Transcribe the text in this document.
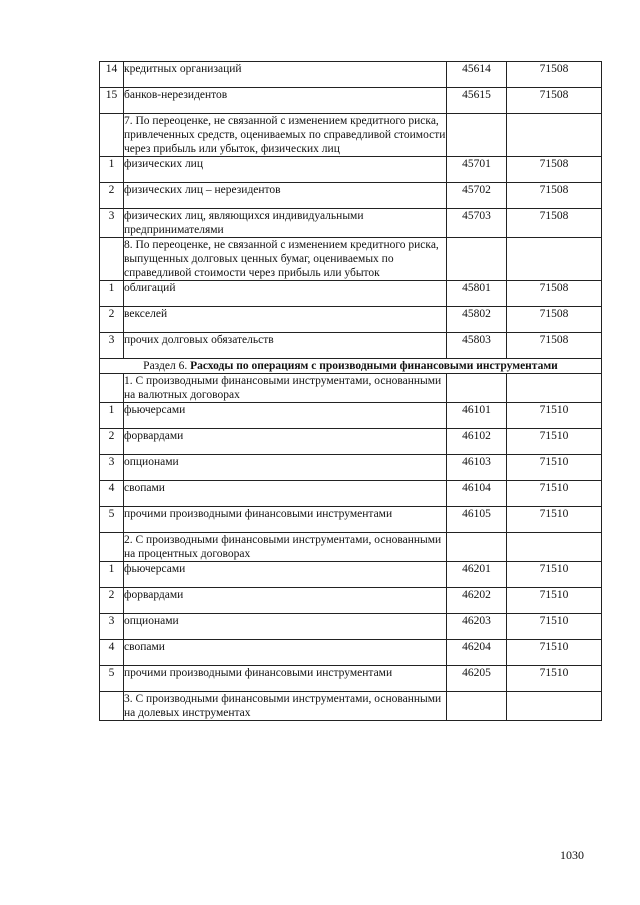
14	кредитных организаций	45614	71508
15	банков-нерезидентов	45615	71508
	7. По переоценке, не связанной с изменением кредитного риска, привлеченных средств, оцениваемых по справедливой стоимости через прибыль или убыток, физических лиц		
1	физических лиц	45701	71508
2	физических лиц – нерезидентов	45702	71508
3	физических лиц, являющихся индивидуальными предпринимателями	45703	71508
	8. По переоценке, не связанной с изменением кредитного риска, выпущенных долговых ценных бумаг, оцениваемых по справедливой стоимости через прибыль или убыток		
1	облигаций	45801	71508
2	векселей	45802	71508
3	прочих долговых обязательств	45803	71508
Раздел 6. Расходы по операциям с производными финансовыми инструментами			
	1. С производными финансовыми инструментами, основанными на валютных договорах		
1	фьючерсами	46101	71510
2	форвардами	46102	71510
3	опционами	46103	71510
4	свопами	46104	71510
5	прочими производными финансовыми инструментами	46105	71510
	2. С производными финансовыми инструментами, основанными на процентных договорах		
1	фьючерсами	46201	71510
2	форвардами	46202	71510
3	опционами	46203	71510
4	свопами	46204	71510
5	прочими производными финансовыми инструментами	46205	71510
	3. С производными финансовыми инструментами, основанными на долевых инструментах		
1030
